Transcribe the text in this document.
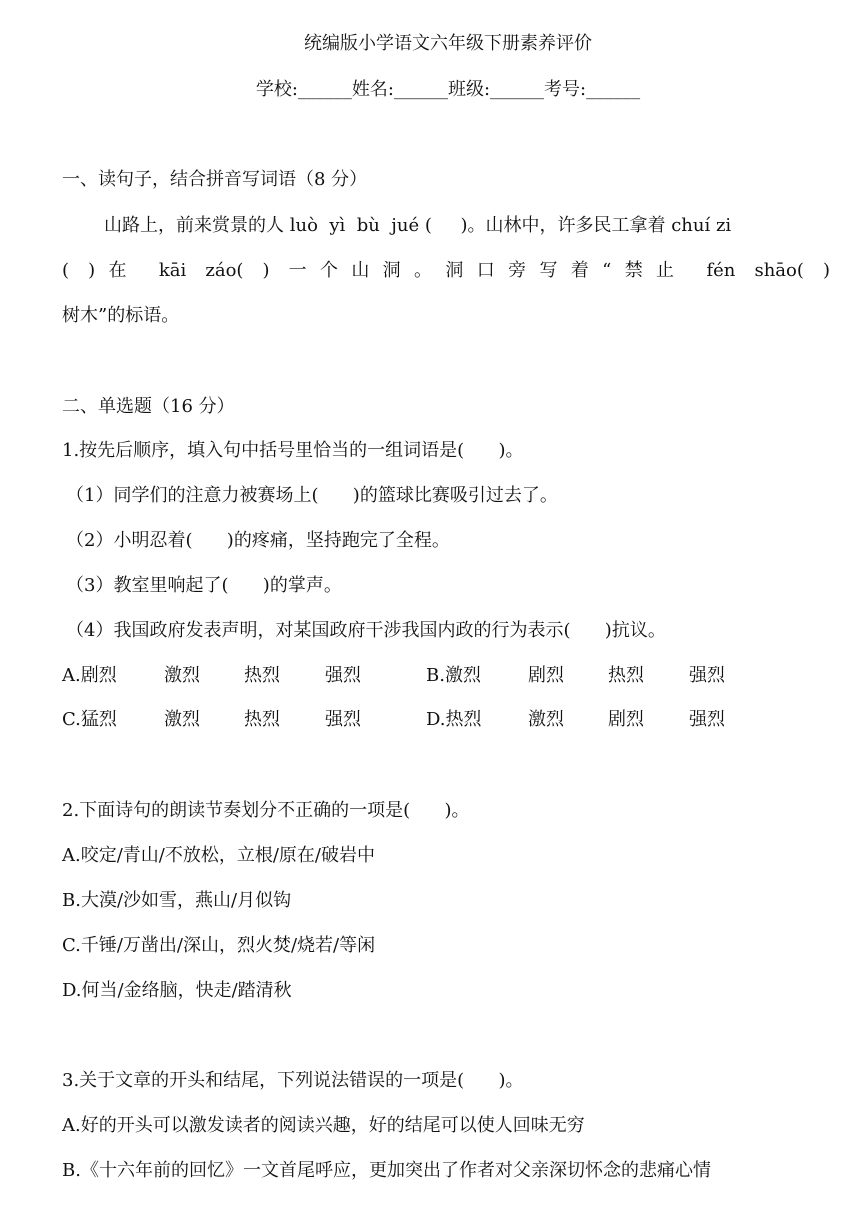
统编版小学语文六年级下册素养评价
学校:______姓名:______班级:______考号:______
一、读句子，结合拼音写词语（8 分）
山路上，前来赏景的人 luò  yì  bù  jué (     )。山林中，许多民工拿着 chuí zi
( )在 kāi záo( ) 一个山洞。洞口旁写着“禁止 fén shāo( )
树木”的标语。
二、单选题（16 分）
1.按先后顺序，填入句中括号里恰当的一组词语是(      )。
（1）同学们的注意力被赛场上(      )的篮球比赛吸引过去了。
（2）小明忍着(      )的疼痛，坚持跑完了全程。
（3）教室里响起了(      )的掌声。
（4）我国政府发表声明，对某国政府干涉我国内政的行为表示(      )抗议。
A.剧烈	激烈 热烈	强烈	B.激烈	剧烈 热烈	强烈
C.猛烈	激烈 热烈	强烈	D.热烈	激烈 剧烈	强烈
2.下面诗句的朗读节奏划分不正确的一项是(      )。
A.咬定/青山/不放松，立根/原在/破岩中
B.大漠/沙如雪，燕山/月似钩
C.千锤/万凿出/深山，烈火焚/烧若/等闲
D.何当/金络脑，快走/踏清秋
3.关于文章的开头和结尾，下列说法错误的一项是(      )。
A.好的开头可以激发读者的阅读兴趣，好的结尾可以使人回味无穷
B.《十六年前的回忆》一文首尾呼应，更加突出了作者对父亲深切怀念的悲痛心情
